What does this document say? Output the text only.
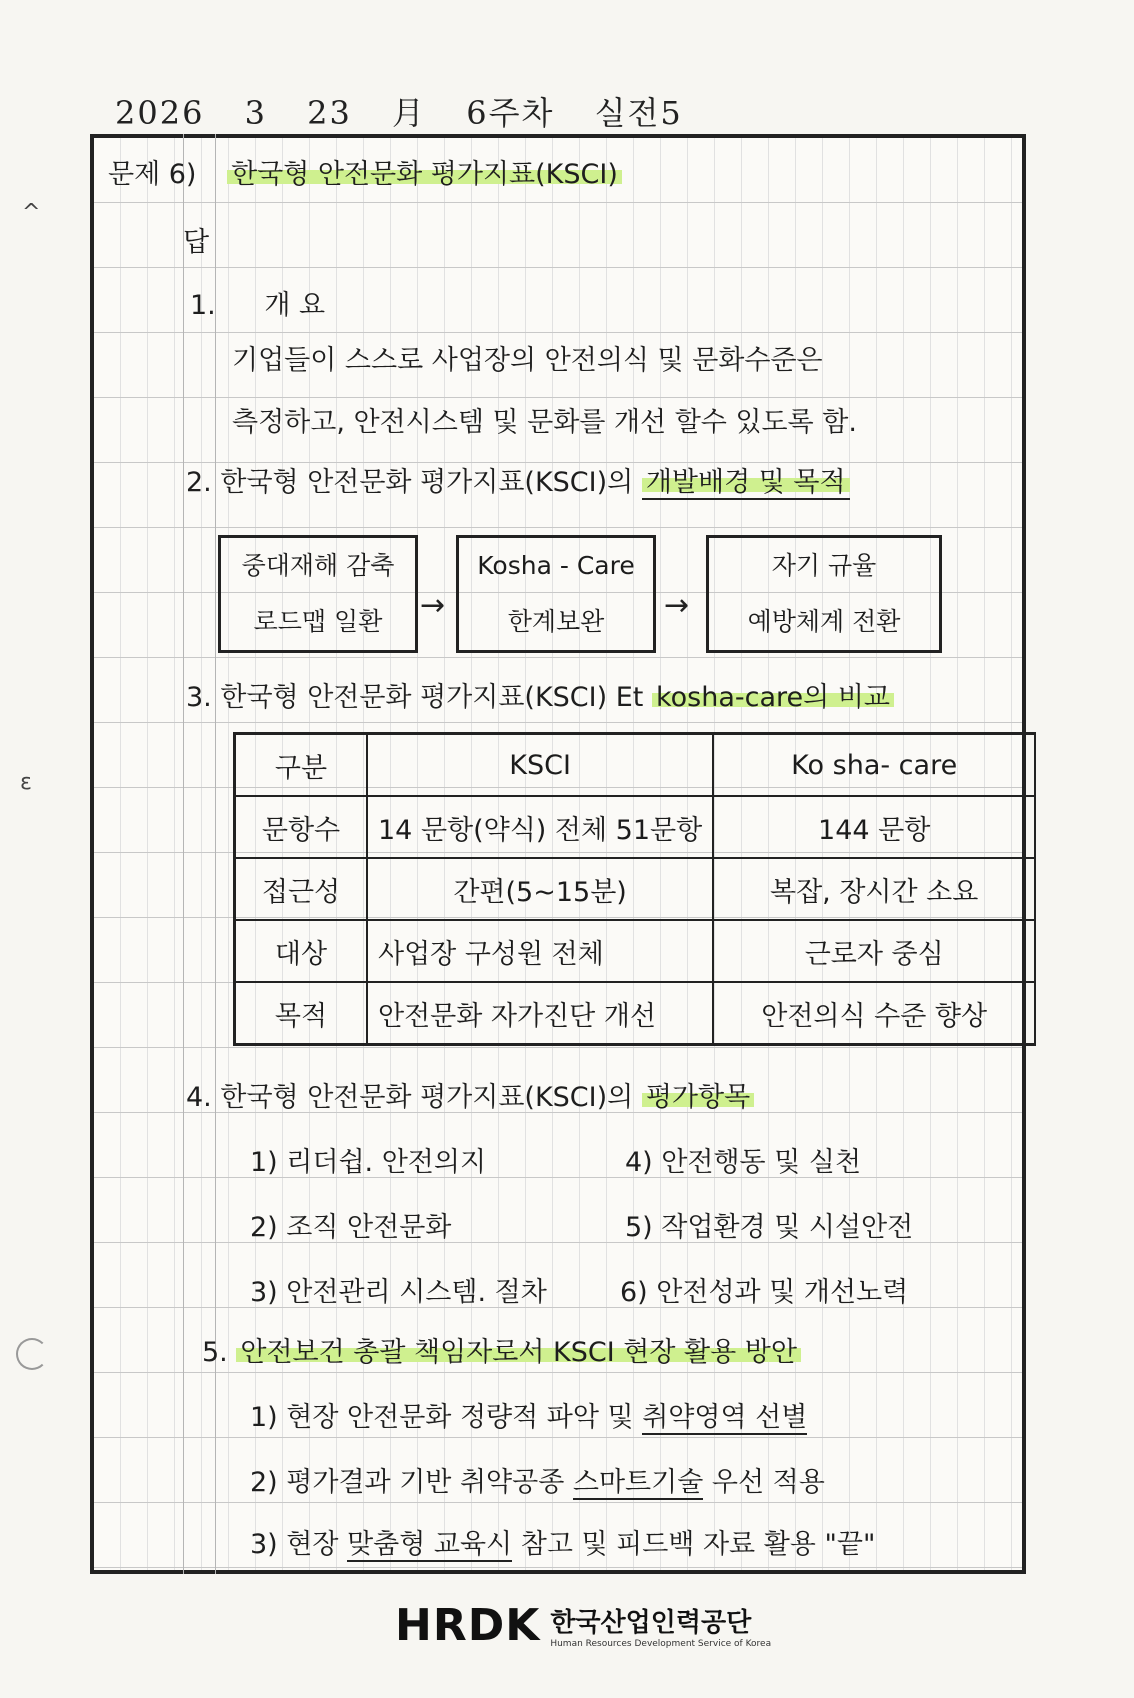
2026 3 23 月 6주차 실전5
^
ε
문제 6) 한국형 안전문화 평가지표(KSCI)
답
1. 개 요
기업들이 스스로 사업장의 안전의식 및 문화수준은
측정하고, 안전시스템 및 문화를 개선 할수 있도록 함.
2. 한국형 안전문화 평가지표(KSCI)의 개발배경 및 목적
중대재해 감축
로드맵 일환	→
Kosha - Care
한계보완	→
자기 규율
예방체계 전환
3. 한국형 안전문화 평가지표(KSCI) Et kosha-care의 비교
구분	KSCI	Ko sha- care
문항수	14 문항(약식) 전체 51문항	144 문항
접근성	간편(5~15분)	복잡, 장시간 소요
대상	사업장 구성원 전체	근로자 중심
목적	안전문화 자가진단 개선	안전의식 수준 향상
4. 한국형 안전문화 평가지표(KSCI)의 평가항목
1) 리더쉽. 안전의지	4) 안전행동 및 실천
2) 조직 안전문화	5) 작업환경 및 시설안전
3) 안전관리 시스템. 절차	6) 안전성과 및 개선노력
5. 안전보건 총괄 책임자로서 KSCI 현장 활용 방안
1) 현장 안전문화 정량적 파악 및 취약영역 선별
2) 평가결과 기반 취약공종 스마트기술 우선 적용
3) 현장 맞춤형 교육시 참고 및 피드백 자료 활용 "끝"
HRDK 한국산업인력공단
Human Resources Development Service of Korea
